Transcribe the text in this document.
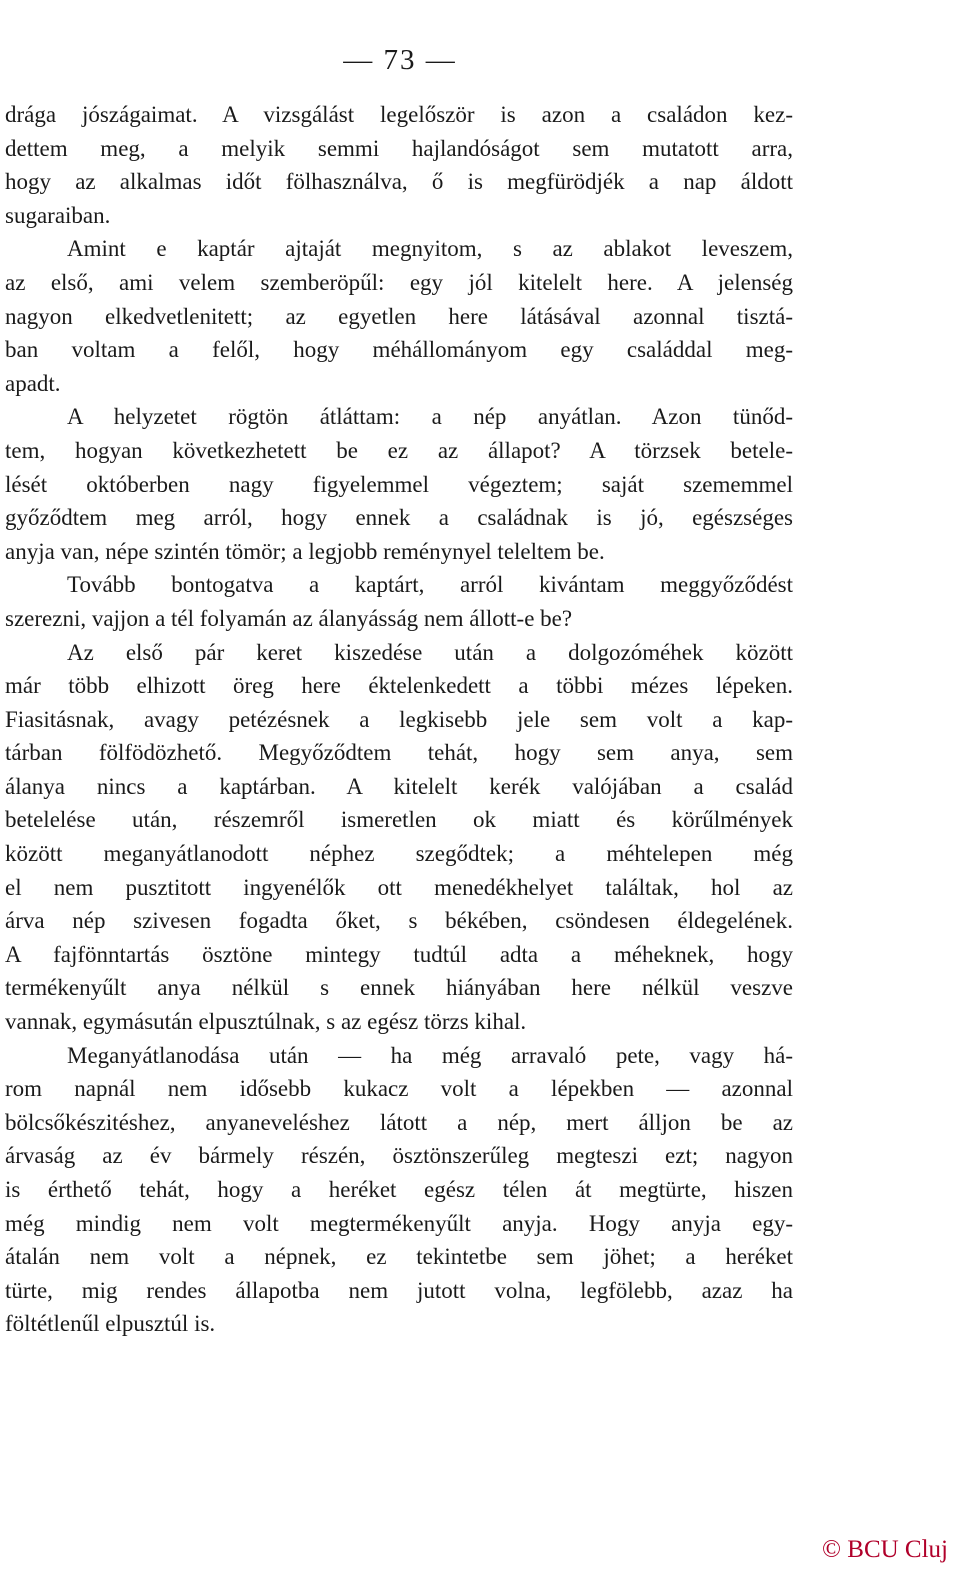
— 73 —
drága jószágaimat. A vizsgálást legelőször is azon a családon kez-
dettem meg, a melyik semmi hajlandóságot sem mutatott arra,
hogy az alkalmas időt fölhasználva, ő is megfürödjék a nap áldott
sugaraiban.
Amint e kaptár ajtaját megnyitom, s az ablakot leveszem,
az első, ami velem szemberöpűl: egy jól kitelelt here. A jelenség
nagyon elkedvetlenitett; az egyetlen here látásával azonnal tisztá-
ban voltam a felől, hogy méhállományom egy családdal meg-
apadt.
A helyzetet rögtön átláttam: a nép anyátlan. Azon tünőd-
tem, hogyan következhetett be ez az állapot? A törzsek betele-
lését októberben nagy figyelemmel végeztem; saját szememmel
győződtem meg arról, hogy ennek a családnak is jó, egészséges
anyja van, népe szintén tömör; a legjobb reménynyel teleltem be.
Tovább bontogatva a kaptárt, arról kivántam meggyőződést
szerezni, vajjon a tél folyamán az álanyásság nem állott-e be?
Az első pár keret kiszedése után a dolgozóméhek között
már több elhizott öreg here éktelenkedett a többi mézes lépeken.
Fiasitásnak, avagy petézésnek a legkisebb jele sem volt a kap-
tárban fölfödözhető. Megyőződtem tehát, hogy sem anya, sem
álanya nincs a kaptárban. A kitelelt kerék valójában a család
betelelése után, részemről ismeretlen ok miatt és körűlmények
között meganyátlanodott néphez szegődtek; a méhtelepen még
el nem pusztitott ingyenélők ott menedékhelyet találtak, hol az
árva nép szivesen fogadta őket, s békében, csöndesen éldegelének.
A fajfönntartás ösztöne mintegy tudtúl adta a méheknek, hogy
termékenyűlt anya nélkül s ennek hiányában here nélkül veszve
vannak, egymásután elpusztúlnak, s az egész törzs kihal.
Meganyátlanodása után — ha még arravaló pete, vagy há-
rom napnál nem idősebb kukacz volt a lépekben — azonnal
bölcsőkészitéshez, anyaneveléshez látott a nép, mert álljon be az
árvaság az év bármely részén, ösztönszerűleg megteszi ezt; nagyon
is érthető tehát, hogy a heréket egész télen át megtürte, hiszen
még mindig nem volt megtermékenyűlt anyja. Hogy anyja egy-
átalán nem volt a népnek, ez tekintetbe sem jöhet; a heréket
türte, mig rendes állapotba nem jutott volna, legfölebb, azaz ha
föltétlenűl elpusztúl is.
© BCU Cluj
